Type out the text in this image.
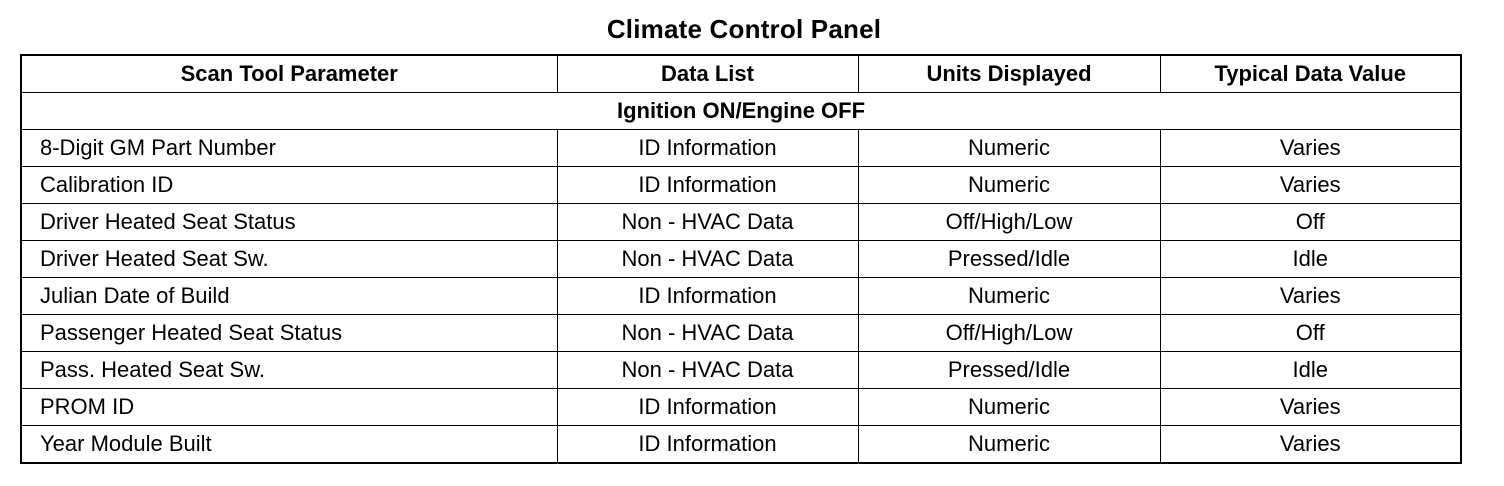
Climate Control Panel
Scan Tool Parameter	Data List	Units Displayed	Typical Data Value
Ignition ON/Engine OFF			
8-Digit GM Part Number	ID Information	Numeric	Varies
Calibration ID	ID Information	Numeric	Varies
Driver Heated Seat Status	Non - HVAC Data	Off/High/Low	Off
Driver Heated Seat Sw.	Non - HVAC Data	Pressed/Idle	Idle
Julian Date of Build	ID Information	Numeric	Varies
Passenger Heated Seat Status	Non - HVAC Data	Off/High/Low	Off
Pass. Heated Seat Sw.	Non - HVAC Data	Pressed/Idle	Idle
PROM ID	ID Information	Numeric	Varies
Year Module Built	ID Information	Numeric	Varies
